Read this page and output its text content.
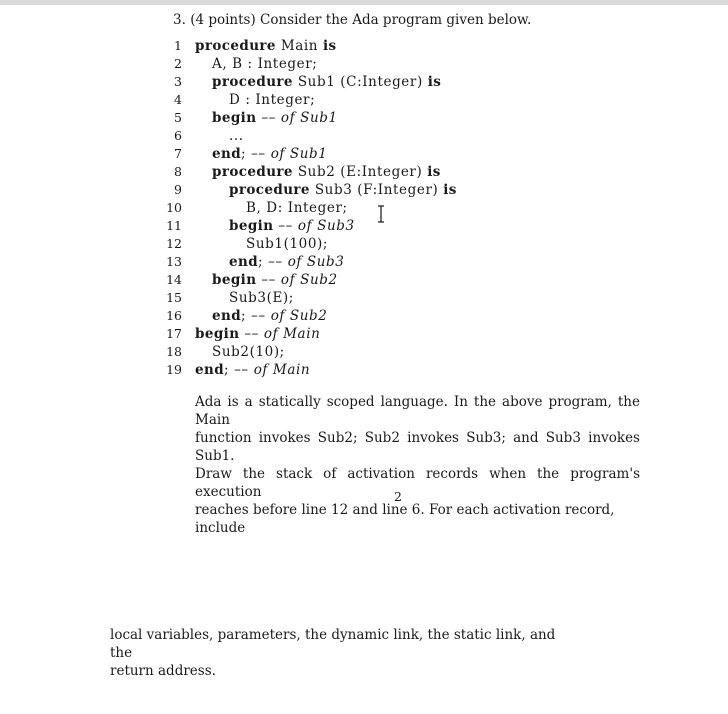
3. (4 points) Consider the Ada program given below.
1 procedure Main is
2 A, B : Integer;
3 procedure Sub1 (C:Integer) is
4	D : Integer;
5 begin –– of Sub1
6	...
7 end; –– of Sub1
8 procedure Sub2 (E:Integer) is
9	procedure Sub3 (F:Integer) is
10	B, D: Integer;
11	begin –– of Sub3
12	Sub1(100);
13	end; –– of Sub3
14 begin –– of Sub2
15	Sub3(E);
16 end; –– of Sub2
17 begin –– of Main
18 Sub2(10);
19 end; –– of Main
Ada is a statically scoped language. In the above program, the Main
function invokes Sub2; Sub2 invokes Sub3; and Sub3 invokes Sub1.
Draw the stack of activation records when the program's execution
reaches before line 12 and line 6. For each activation record, include
2
local variables, parameters, the dynamic link, the static link, and the
return address.
